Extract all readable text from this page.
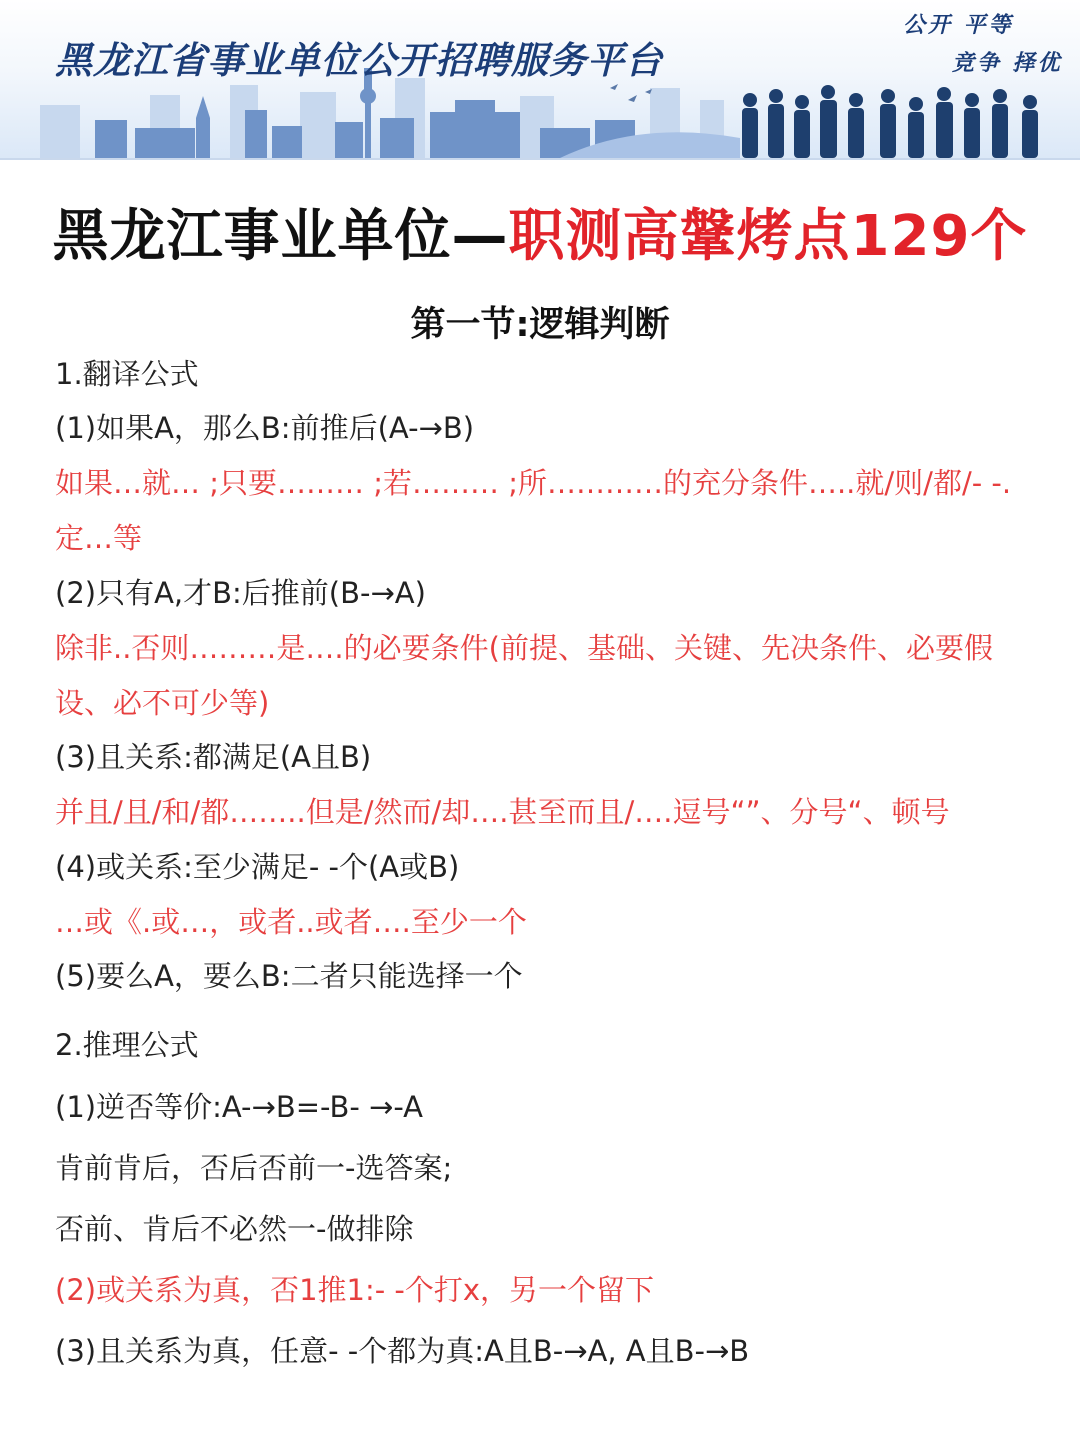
黑龙江省事业单位公开招聘服务平台

公开 平等

竞争 择优

黑龙江事业单位—职测高鞶烤点129个
第一节:逻辑判断

1.翻译公式

(1)如果A，那么B:前推后(A-→B)

如果…就… ;只要……… ;若……… ;所…………的充分条件…..就/则/都/- -.

定…等

(2)只有A,才B:后推前(B-→A)

除非..否则………是….的必要条件(前提、基础、关键、先决条件、必要假

设、必不可少等)

(3)且关系:都满足(A且B)

并且/且/和/都……..但是/然而/却….甚至而且/….逗号“”、分号“、顿号

(4)或关系:至少满足- -个(A或B)

…或《.或…，或者..或者….至少一个

(5)要么A，要么B:二者只能选择一个

2.推理公式

(1)逆否等价:A-→B=-B- →-A

肯前肯后，否后否前一-选答案;

否前、肯后不必然一-做排除

(2)或关系为真，否1推1:- -个打x，另一个留下

(3)且关系为真，任意- -个都为真:A且B-→A, A且B-→B
